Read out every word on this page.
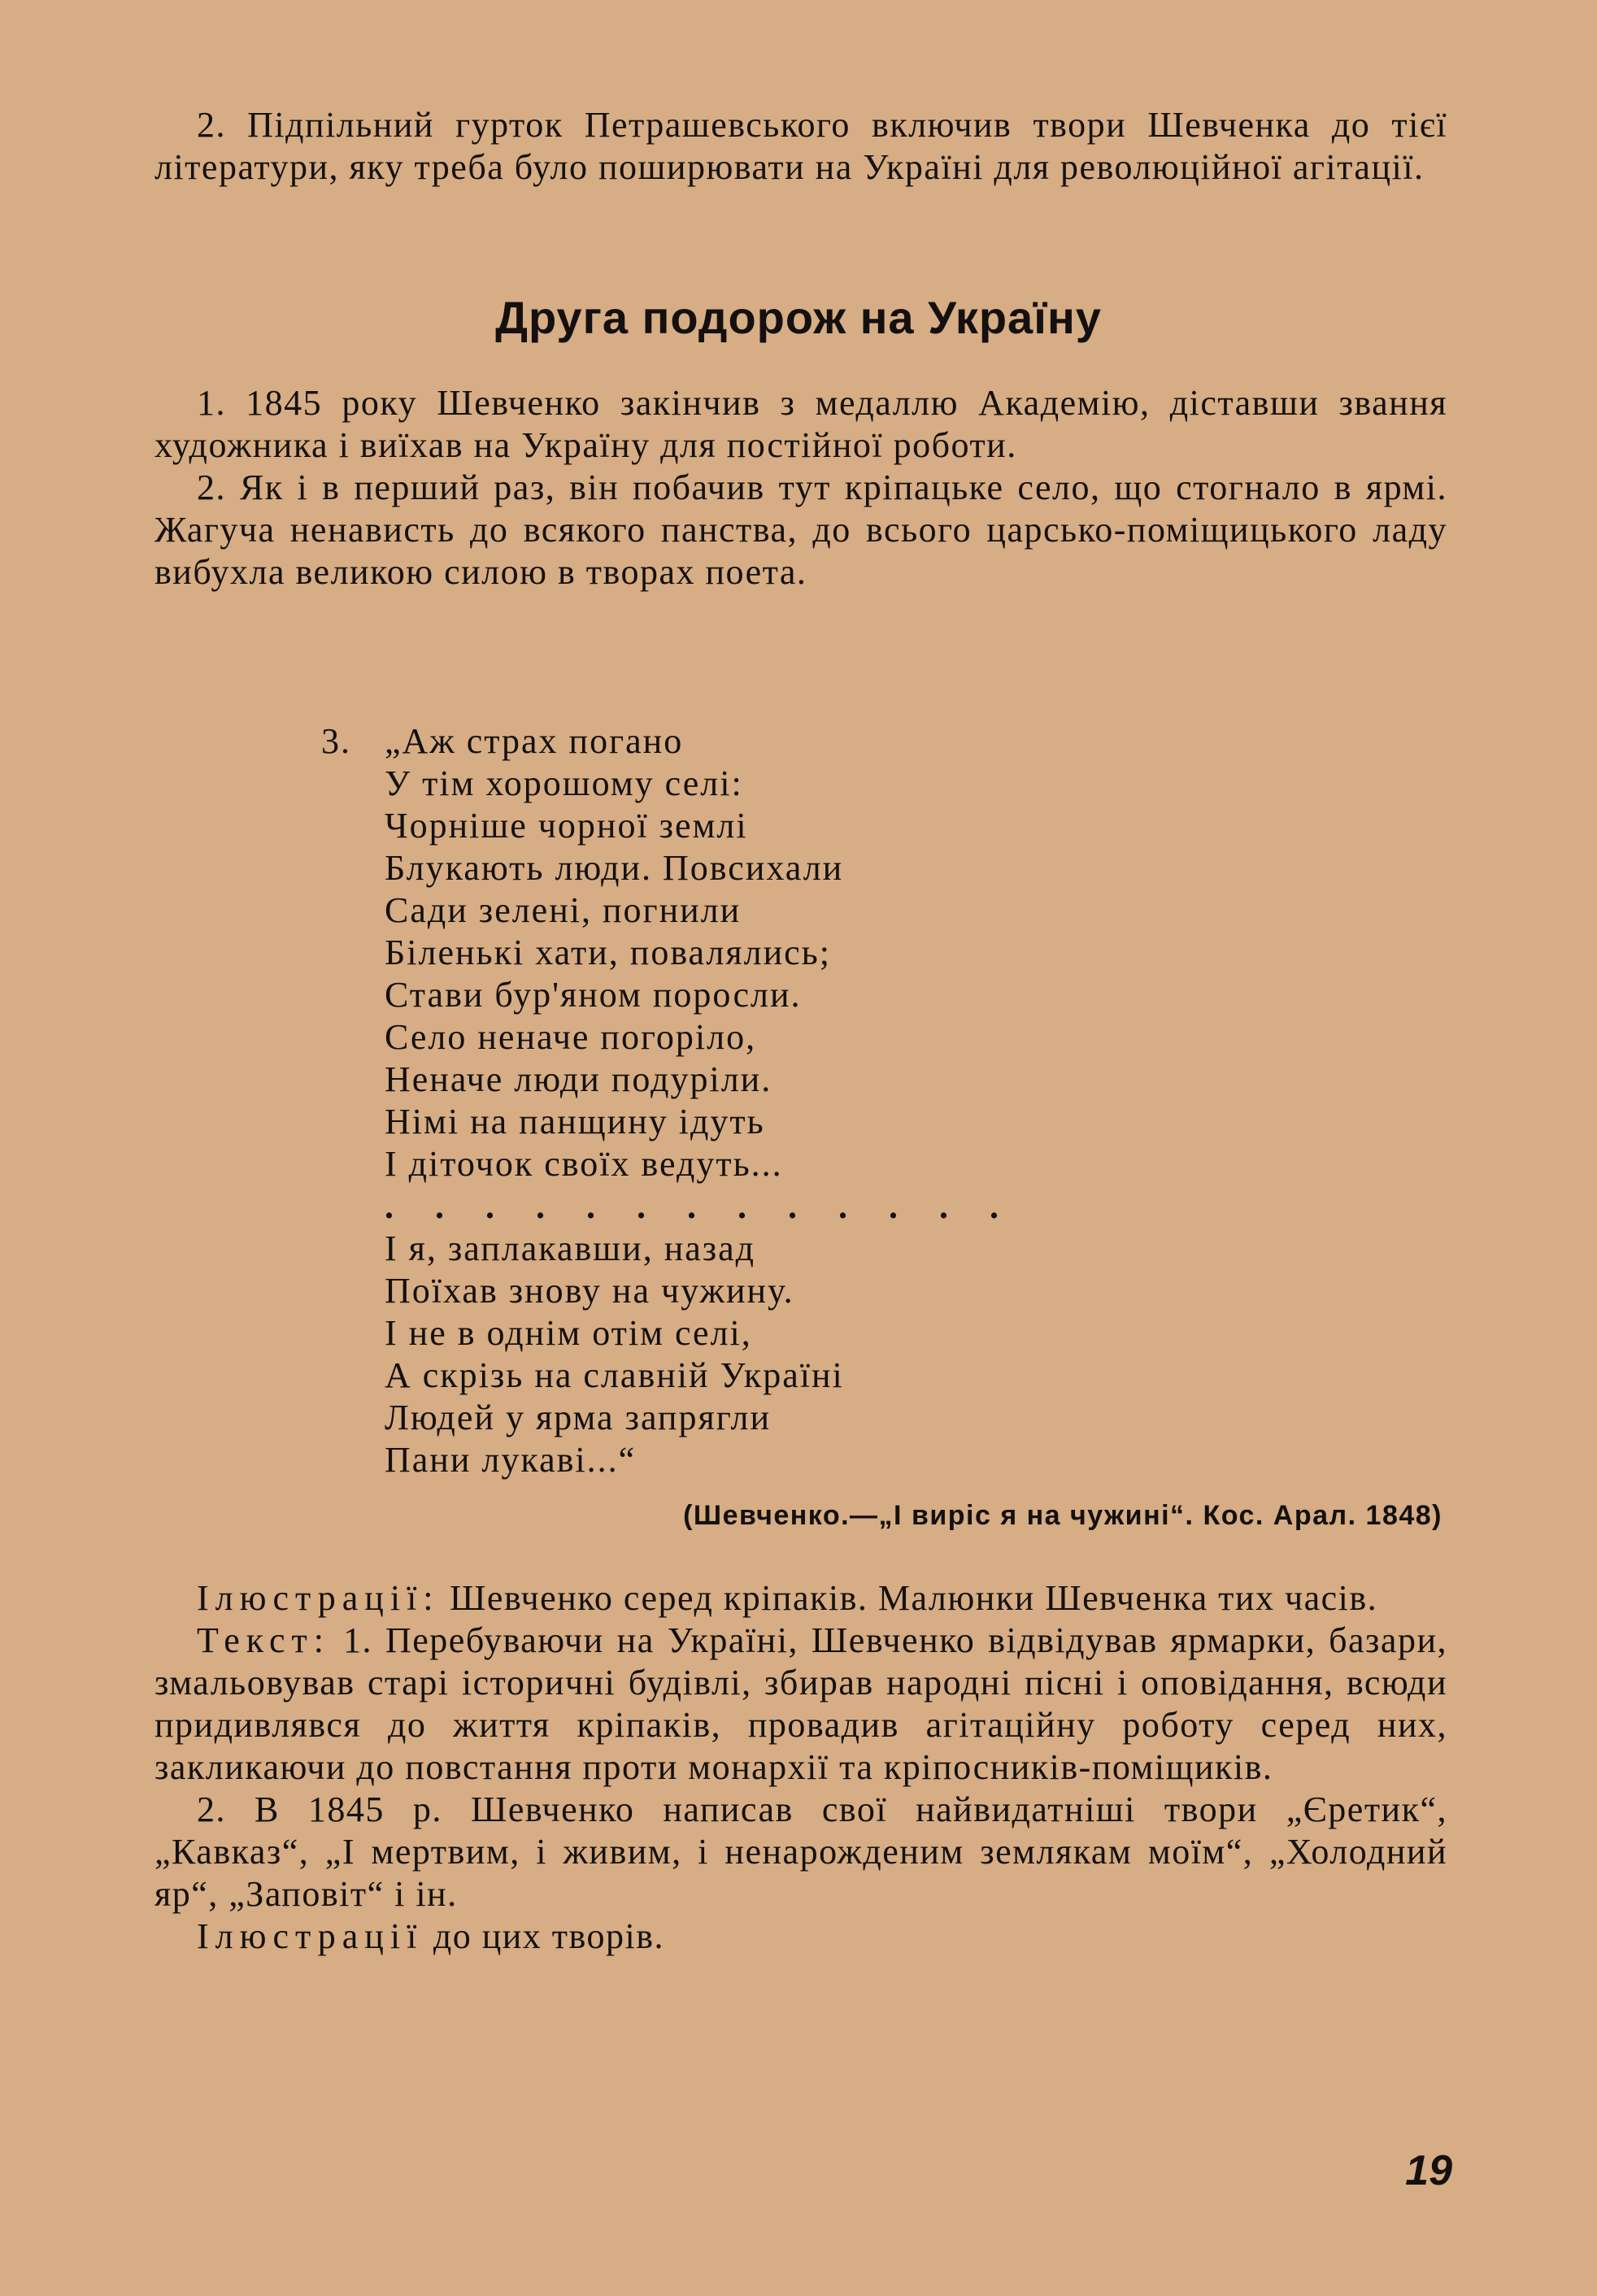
2. Підпільний гурток Петрашевського включив твори Шевченка до тієї літератури, яку треба було поширювати на Україні для революційної агітації.

Друга подорож на Україну

1. 1845 року Шевченко закінчив з медаллю Академію, діставши звання художника і виїхав на Україну для постійної роботи.

2. Як і в перший раз, він побачив тут кріпацьке село, що стогнало в ярмі. Жагуча ненависть до всякого панства, до всього царсько-поміщицького ладу вибухла великою силою в творах поета.

3. „Аж страх погано
У тім хорошому селі:
Чорніше чорної землі
Блукають люди. Повсихали
Сади зелені, погнили
Біленькі хати, повалялись;
Стави бур'яном поросли.
Село неначе погоріло,
Неначе люди подуріли.
Німі на панщину ідуть
І діточок своїх ведуть...
. . . . . . . . . . . . .
І я, заплакавши, назад
Поїхав знову на чужину.
І не в однім отім селі,
А скрізь на славній Україні
Людей у ярма запрягли
Пани лукаві...“
(Шевченко.—„І виріс я на чужині“. Кос. Арал. 1848)

Ілюстрації: Шевченко серед кріпаків. Малюнки Шевченка тих часів.

Текст: 1. Перебуваючи на Україні, Шевченко відвідував ярмарки, базари, змальовував старі історичні будівлі, збирав народні пісні і оповідання, всюди придивлявся до життя кріпаків, провадив агітаційну роботу серед них, закликаючи до повстання проти монархії та кріпосників-поміщиків.

2. В 1845 р. Шевченко написав свої найвидатніші твори „Єретик“, „Кавказ“, „І мертвим, і живим, і ненарожденим землякам моїм“, „Холодний яр“, „Заповіт“ і ін.

Ілюстрації до цих творів.

19
